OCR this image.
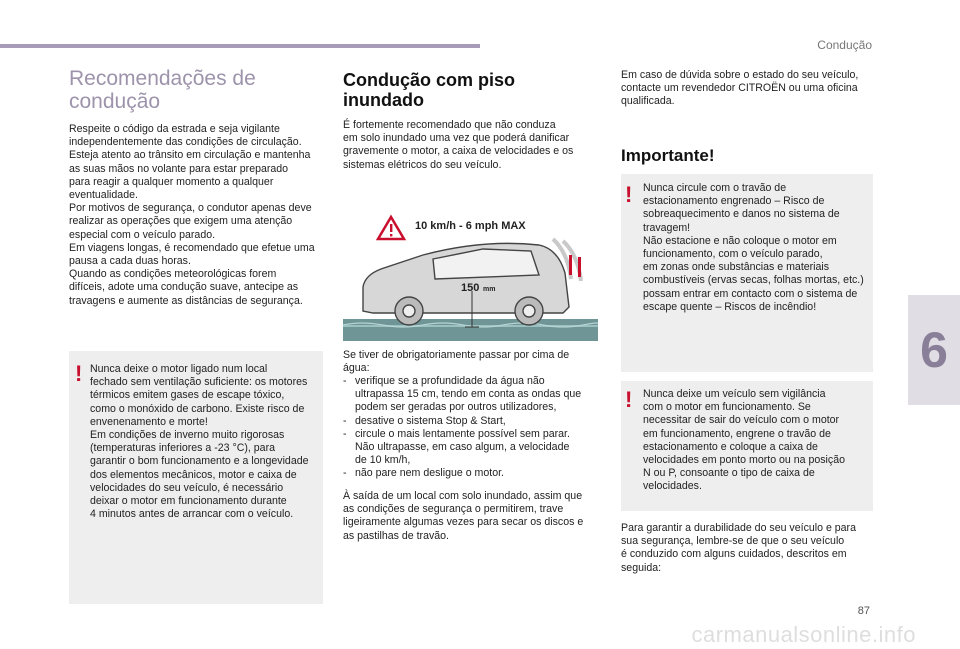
Condução
6
Recomendações de condução

Respeite o código da estrada e seja vigilante
independentemente das condições de circulação.
Esteja atento ao trânsito em circulação e mantenha
as suas mãos no volante para estar preparado
para reagir a qualquer momento a qualquer
eventualidade.
Por motivos de segurança, o condutor apenas deve
realizar as operações que exigem uma atenção
especial com o veículo parado.
Em viagens longas, é recomendado que efetue uma
pausa a cada duas horas.
Quando as condições meteorológicas forem
difíceis, adote uma condução suave, antecipe as
travagens e aumente as distâncias de segurança.

! Nunca deixe o motor ligado num local
fechado sem ventilação suficiente: os motores
térmicos emitem gases de escape tóxico,
como o monóxido de carbono. Existe risco de
envenenamento e morte!
Em condições de inverno muito rigorosas
(temperaturas inferiores a -23 °C), para
garantir o bom funcionamento e a longevidade
dos elementos mecânicos, motor e caixa de
velocidades do seu veículo, é necessário
deixar o motor em funcionamento durante
4 minutos antes de arrancar com o veículo.

Condução com piso inundado

É fortemente recomendado que não conduza
em solo inundado uma vez que poderá danificar
gravemente o motor, a caixa de velocidades e os
sistemas elétricos do seu veículo.

10 km/h - 6 mph MAX
150 mm

Se tiver de obrigatoriamente passar por cima de
água:

- verifique se a profundidade da água não
ultrapassa 15 cm, tendo em conta as ondas que
podem ser geradas por outros utilizadores,
- desative o sistema Stop & Start,
- circule o mais lentamente possível sem parar.
Não ultrapasse, em caso algum, a velocidade
de 10 km/h,
- não pare nem desligue o motor.

À saída de um local com solo inundado, assim que
as condições de segurança o permitirem, trave
ligeiramente algumas vezes para secar os discos e
as pastilhas de travão.

Em caso de dúvida sobre o estado do seu veículo,
contacte um revendedor CITROËN ou uma oficina
qualificada.

Importante!
! Nunca circule com o travão de
estacionamento engrenado – Risco de
sobreaquecimento e danos no sistema de
travagem!
Não estacione e não coloque o motor em
funcionamento, com o veículo parado,
em zonas onde substâncias e materiais
combustíveis (ervas secas, folhas mortas, etc.)
possam entrar em contacto com o sistema de
escape quente – Riscos de incêndio!

! Nunca deixe um veículo sem vigilância
com o motor em funcionamento. Se
necessitar de sair do veículo com o motor
em funcionamento, engrene o travão de
estacionamento e coloque a caixa de
velocidades em ponto morto ou na posição
N ou P, consoante o tipo de caixa de
velocidades.

Para garantir a durabilidade do seu veículo e para
sua segurança, lembre-se de que o seu veículo
é conduzido com alguns cuidados, descritos em
seguida:

87
carmanualsonline.info
